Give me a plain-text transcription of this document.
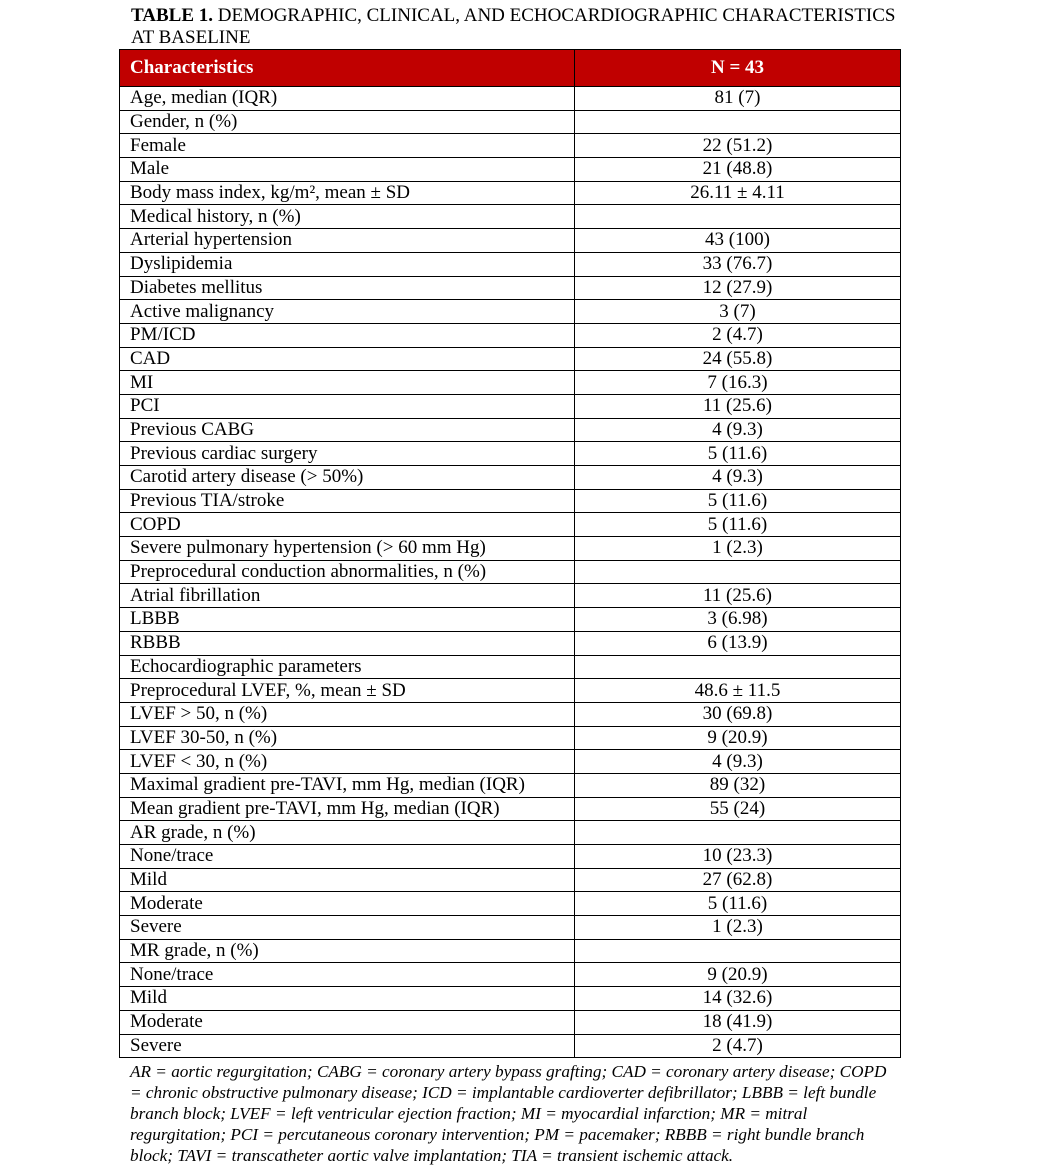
TABLE 1. DEMOGRAPHIC, CLINICAL, AND ECHOCARDIOGRAPHIC CHARACTERISTICS AT BASELINE
Characteristics	N = 43
Age, median (IQR)	81 (7)
Gender, n (%)	
Female	22 (51.2)
Male	21 (48.8)
Body mass index, kg/m², mean ± SD	26.11 ± 4.11
Medical history, n (%)	
Arterial hypertension	43 (100)
Dyslipidemia	33 (76.7)
Diabetes mellitus	12 (27.9)
Active malignancy	3 (7)
PM/ICD	2 (4.7)
CAD	24 (55.8)
MI	7 (16.3)
PCI	11 (25.6)
Previous CABG	4 (9.3)
Previous cardiac surgery	5 (11.6)
Carotid artery disease (> 50%)	4 (9.3)
Previous TIA/stroke	5 (11.6)
COPD	5 (11.6)
Severe pulmonary hypertension (> 60 mm Hg)	1 (2.3)
Preprocedural conduction abnormalities, n (%)	
Atrial fibrillation	11 (25.6)
LBBB	3 (6.98)
RBBB	6 (13.9)
Echocardiographic parameters	
Preprocedural LVEF, %, mean ± SD	48.6 ± 11.5
LVEF > 50, n (%)	30 (69.8)
LVEF 30-50, n (%)	9 (20.9)
LVEF < 30, n (%)	4 (9.3)
Maximal gradient pre-TAVI, mm Hg, median (IQR)	89 (32)
Mean gradient pre-TAVI, mm Hg, median (IQR)	55 (24)
AR grade, n (%)	
None/trace	10 (23.3)
Mild	27 (62.8)
Moderate	5 (11.6)
Severe	1 (2.3)
MR grade, n (%)	
None/trace	9 (20.9)
Mild	14 (32.6)
Moderate	18 (41.9)
Severe	2 (4.7)
AR = aortic regurgitation; CABG = coronary artery bypass grafting; CAD = coronary artery disease; COPD = chronic obstructive pulmonary disease; ICD = implantable cardioverter defibrillator; LBBB = left bundle branch block; LVEF = left ventricular ejection fraction; MI = myocardial infarction; MR = mitral regurgitation; PCI = percutaneous coronary intervention; PM = pacemaker; RBBB = right bundle branch block; TAVI = transcatheter aortic valve implantation; TIA = transient ischemic attack.
